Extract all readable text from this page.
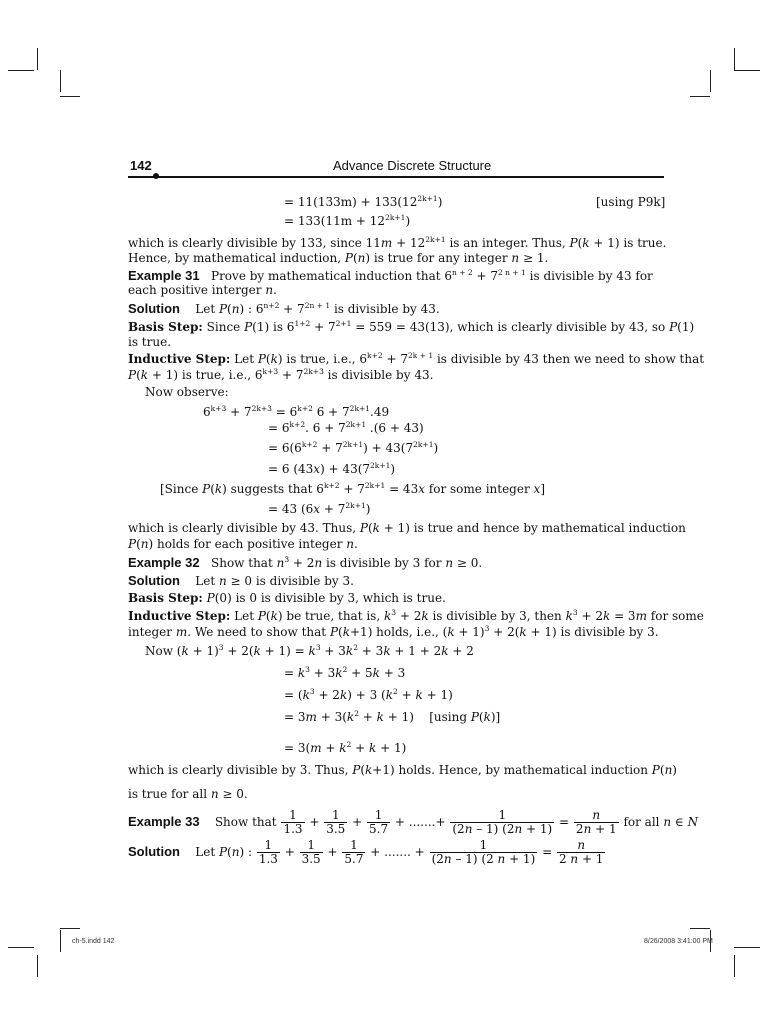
142	Advance Discrete Structure
= $11(133m) + 133(12^{2k+1})$	[using P9k]
= $133(11m + 12^{2k+1})$
which is clearly divisible by 133, since $11m + 12^{2k+1}$ is an integer. Thus, P(k + 1) is true.
Hence, by mathematical induction, P(n) is true for any integer n ≥ 1.
Example 31 Prove by mathematical induction that $6^{n + 2} + 7^{2 n + 1}$ is divisible by 43 for
each positive interger n.
Solution    Let P(n) : $6^{n+2} + 7^{2n + 1}$ is divisible by 43.
Basis Step: Since P(1) is $6^{1+2} + 7^{2+1} = 559 = 43(13)$, which is clearly divisible by 43, so P(1)
is true.
Inductive Step: Let P(k) is true, i.e., $6^{k+2} + 7^{2k + 1}$ is divisible by 43 then we need to show that
P(k + 1) is true, i.e., $6^{k+3} + 7^{2k+3}$ is divisible by 43.
Now observe:
$6^{k+3} + 7^{2k+3} = 6^{k+2}$ $6 + 7^{2k+1}.49$
= $6^{k+2}$. $6 + 7^{2k+1}$ .(6 + 43)
= $6(6^{k+2} + 7^{2k+1}) + 43(7^{2k+1})$
= 6 $(43x) + 43(7^{2k+1})$
[Since P(k) suggests that $6^{k+2} + 7^{2k+1} = 43x$ for some integer x]
= 43 $(6x + 7^{2k+1})$
which is clearly divisible by 43. Thus, P(k + 1) is true and hence by mathematical induction
P(n) holds for each positive integer n.
Example 32   Show that $n^3 + 2n$ is divisible by 3 for n ≥ 0.
Solution    Let n ≥ 0 is divisible by 3.
Basis Step: P(0) is 0 is divisible by 3, which is true.
Inductive Step: Let P(k) be true, that is, $k^3 + 2k$ is divisible by 3, then $k^3 + 2k = 3m$ for some
integer m. We need to show that P(k+1) holds, i.e., $(k + 1)^3 + 2(k + 1)$ is divisible by 3.
Now $(k + 1)^3 + 2(k + 1) = k^3 + 3k^2 + 3k + 1 + 2k + 2$
= $k^3 + 3k^2 + 5k + 3$
= $(k^3 + 2k) + 3$ $(k^2 + k + 1)$
= $3m + 3(k^2 + k + 1)$    [using P(k)]
= $3(m + k^2 + k + 1)$
which is clearly divisible by 3. Thus, P(k+1) holds. Hence, by mathematical induction P(n)
is true for all n ≥ 0.
Example 33 Show that $\frac{1}{1.3} + \frac{1}{3.5} + \frac{1}{5.7}$ + .......+ $\frac{1}{(2n - 1) (2n + 1)} = \frac{n}{2n + 1}$ for all n ∈ N
Solution    Let P(n) : $\frac{1}{1.3} + \frac{1}{3.5} + \frac{1}{5.7}$ + ....... + $\frac{1}{(2n - 1) (2 n + 1)} = \frac{n}{2 n + 1}$
ch-5.indd 142	8/26/2008 3:41:00 PM
